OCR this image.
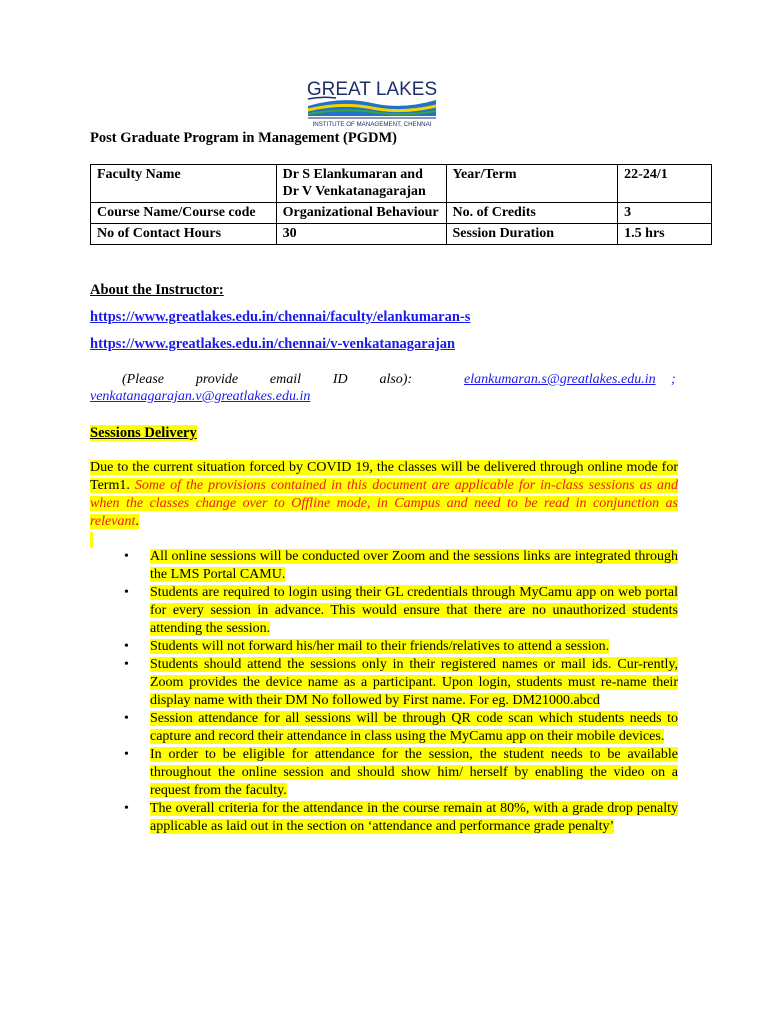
GREAT LAKES
INSTITUTE OF MANAGEMENT, CHENNAI
Post Graduate Program in Management (PGDM)
Faculty Name	Dr S Elankumaran and Dr V Venkatanagarajan	Year/Term	22-24/1
Course Name/Course code	Organizational Behaviour	No. of Credits	3
No of Contact Hours	30	Session Duration	1.5 hrs
About the Instructor:
https://www.greatlakes.edu.in/chennai/faculty/elankumaran-s
https://www.greatlakes.edu.in/chennai/v-venkatanagarajan
(Please provide email ID also):	elankumaran.s@greatlakes.edu.in ;
venkatanagarajan.v@greatlakes.edu.in
Sessions Delivery
Due to the current situation forced by COVID 19, the classes will be delivered through online mode for Term1. Some of the provisions contained in this document are applicable for in-class sessions as and when the classes change over to Offline mode, in Campus and need to be read in conjunction as relevant.
• All online sessions will be conducted over Zoom and the sessions links are integrated through the LMS Portal CAMU.
• Students are required to login using their GL credentials through MyCamu app on web portal for every session in advance. This would ensure that there are no unauthorized students attending the session.
• Students will not forward his/her mail to their friends/relatives to attend a session.
• Students should attend the sessions only in their registered names or mail ids. Cur-rently, Zoom provides the device name as a participant. Upon login, students must re-name their display name with their DM No followed by First name. For eg. DM21000.abcd
• Session attendance for all sessions will be through QR code scan which students needs to capture and record their attendance in class using the MyCamu app on their mobile devices.
• In order to be eligible for attendance for the session, the student needs to be available throughout the online session and should show him/ herself by enabling the video on a request from the faculty.
• The overall criteria for the attendance in the course remain at 80%, with a grade drop penalty applicable as laid out in the section on ‘attendance and performance grade penalty’
